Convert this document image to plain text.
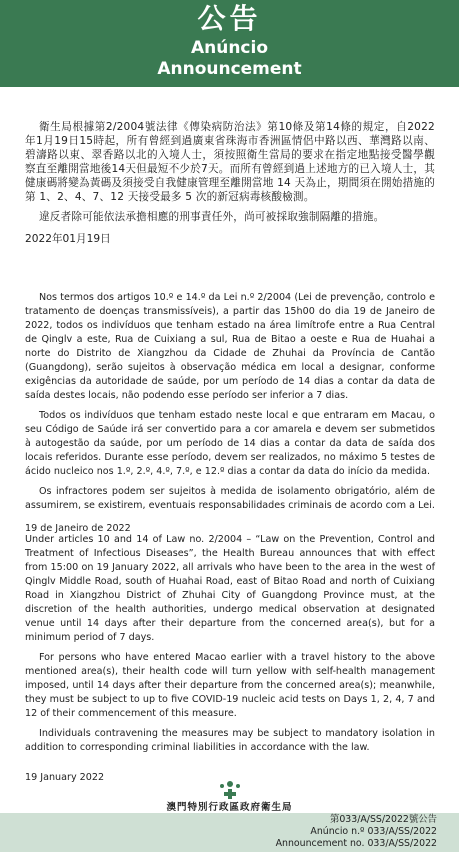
公告
Anúncio
Announcement

衛生局根據第2/2004號法律《傳染病防治法》第10條及第14條的規定，自2022年1月19日15時起，所有曾經到過廣東省珠海市香洲區情侶中路以西、華灣路以南、碧濤路以東、翠香路以北的入境人士，須按照衛生當局的要求在指定地點接受醫學觀察直至離開當地後14天但最短不少於7天。而所有曾經到過上述地方的已入境人士，其健康碼將變為黃碼及須接受自我健康管理至離開當地 14 天為止，期間須在開始措施的第 1、2、4、7、12 天接受最多 5 次的新冠病毒核酸檢測。

違反者除可能依法承擔相應的刑事責任外，尚可被採取強制隔離的措施。

2022年01月19日

Nos termos dos artigos 10.º e 14.º da Lei n.º 2/2004 (Lei de prevenção, controlo e tratamento de doenças transmissíveis), a partir das 15h00 do dia 19 de Janeiro de 2022, todos os indivíduos que tenham estado na área limítrofe entre a Rua Central de Qinglv a este, Rua de Cuixiang a sul, Rua de Bitao a oeste e Rua de Huahai a norte do Distrito de Xiangzhou da Cidade de Zhuhai da Província de Cantão (Guangdong), serão sujeitos à observação médica em local a designar, conforme exigências da autoridade de saúde, por um período de 14 dias a contar da data de saída destes locais, não podendo esse período ser inferior a 7 dias.

Todos os indivíduos que tenham estado neste local e que entraram em Macau, o seu Código de Saúde irá ser convertido para a cor amarela e devem ser submetidos à autogestão da saúde, por um período de 14 dias a contar da data de saída dos locais referidos. Durante esse período, devem ser realizados, no máximo 5 testes de ácido nucleico nos 1.º, 2.º, 4.º, 7.º, e 12.º dias a contar da data do início da medida.

Os infractores podem ser sujeitos à medida de isolamento obrigatório, além de assumirem, se existirem, eventuais responsabilidades criminais de acordo com a Lei.

19 de Janeiro de 2022

Under articles 10 and 14 of Law no. 2/2004 – “Law on the Prevention, Control and Treatment of Infectious Diseases”, the Health Bureau announces that with effect from 15:00 on 19 January 2022, all arrivals who have been to the area in the west of Qinglv Middle Road, south of Huahai Road, east of Bitao Road and north of Cuixiang Road in Xiangzhou District of Zhuhai City of Guangdong Province must, at the discretion of the health authorities, undergo medical observation at designated venue until 14 days after their departure from the concerned area(s), but for a minimum period of 7 days.

For persons who have entered Macao earlier with a travel history to the above mentioned area(s), their health code will turn yellow with self-health management imposed, until 14 days after their departure from the concerned area(s); meanwhile, they must be subject to up to five COVID-19 nucleic acid tests on Days 1, 2, 4, 7 and 12 of their commencement of this measure.

Individuals contravening the measures may be subject to mandatory isolation in addition to corresponding criminal liabilities in accordance with the law.

19 January 2022

澳門特別行政區政府衛生局
第033/A/SS/2022號公告
Anúncio n.º 033/A/SS/2022
Announcement no. 033/A/SS/2022
